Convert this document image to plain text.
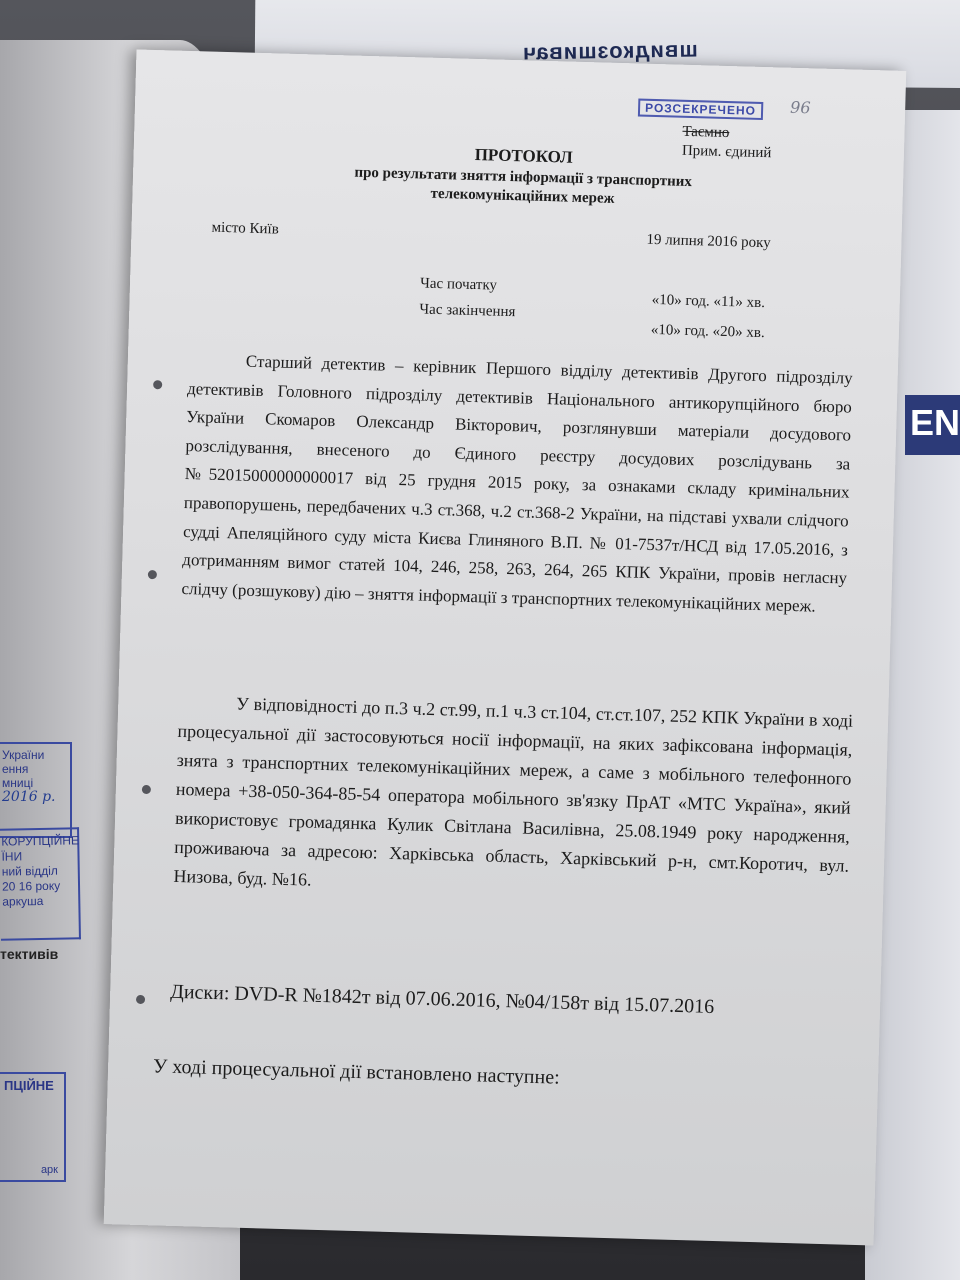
швидкозшивач
EN
України
ення
мниці
2016 р.
КОРУПЦІЙНЕ
ЇНИ
ний відділ
20 16 року
аркуша
тективів
ПЦІЙНЕ
арк
РОЗСЕКРЕЧЕНО	96
Таємно
Прим. єдиний
ПРОТОКОЛ
про результати зняття інформації з транспортних
телекомунікаційних мереж
місто Київ
19 липня 2016 року
Час початку
«10» год. «11» хв.
Час закінчення
«10» год. «20» хв.
Старший детектив – керівник Першого відділу детективів Другого підрозділу детективів Головного підрозділу детективів Національного антикорупційного бюро України Скомаров Олександр Вікторович, розглянувши матеріали досудового розслідування, внесеного до Єдиного реєстру досудових розслідувань за №52015000000000017 від 25 грудня 2015 року, за ознаками складу кримінальних правопорушень, передбачених ч.3 ст.368, ч.2 ст.368-2 України, на підставі ухвали слідчого судді Апеляційного суду міста Києва Глиняного В.П. № 01-7537т/НСД від 17.05.2016, з дотриманням вимог статей 104, 246, 258, 263, 264, 265 КПК України, провів негласну слідчу (розшукову) дію – зняття інформації з транспортних телекомунікаційних мереж.
У відповідності до п.3 ч.2 ст.99, п.1 ч.3 ст.104, ст.ст.107, 252 КПК України в ході процесуальної дії застосовуються носії інформації, на яких зафіксована інформація, знята з транспортних телекомунікаційних мереж, а саме з мобільного телефонного номера +38-050-364-85-54 оператора мобільного зв'язку ПрАТ «МТС Україна», який використовує громадянка Кулик Світлана Василівна, 25.08.1949 року народження, проживаюча за адресою: Харківська область, Харківський р-н, смт.Коротич, вул. Низова, буд. №16.
Диски: DVD-R №1842т від 07.06.2016, №04/158т від 15.07.2016
У ході процесуальної дії встановлено наступне:
